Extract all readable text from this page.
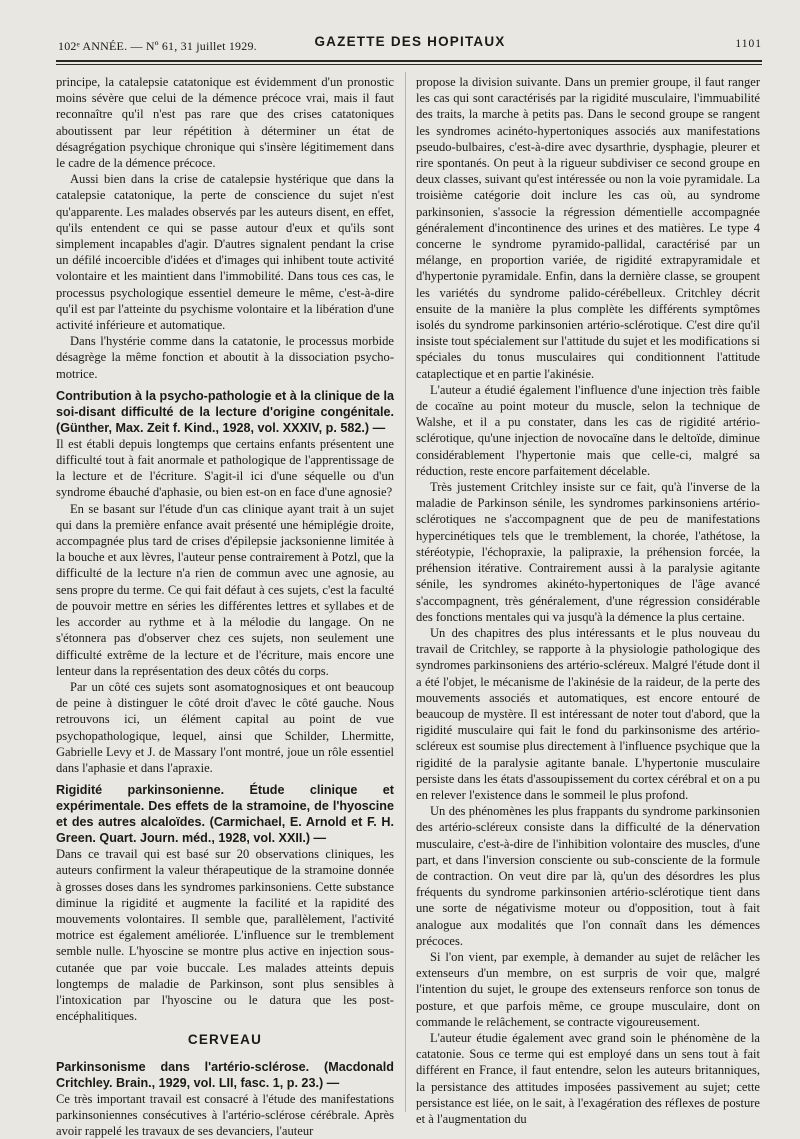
102ᵉ ANNÉE. — Nº 61, 31 juillet 1929.	GAZETTE DES HOPITAUX	1101

principe, la catalepsie catatonique est évidemment d'un pronostic moins sévère que celui de la démence précoce vrai, mais il faut reconnaître qu'il n'est pas rare que des crises catatoniques aboutissent par leur répétition à déterminer un état de désagrégation psychique chronique qui s'insère légitimement dans le cadre de la démence précoce.

Aussi bien dans la crise de catalepsie hystérique que dans la catalepsie catatonique, la perte de conscience du sujet n'est qu'apparente. Les malades observés par les auteurs disent, en effet, qu'ils entendent ce qui se passe autour d'eux et qu'ils sont simplement incapables d'agir. D'autres signalent pendant la crise un défilé incoercible d'idées et d'images qui inhibent toute activité volontaire et les maintient dans l'immobilité. Dans tous ces cas, le processus psychologique essentiel demeure le même, c'est-à-dire qu'il est par l'atteinte du psychisme volontaire et la libération d'une activité inférieure et automatique.

Dans l'hystérie comme dans la catatonie, le processus morbide désagrège la même fonction et aboutit à la dissociation psycho-motrice.

Contribution à la psycho-pathologie et à la clinique de la soi-disant difficulté de la lecture d'origine congénitale. (Günther, Max. Zeit f. Kind., 1928, vol. XXXIV, p. 582.) —

Il est établi depuis longtemps que certains enfants présentent une difficulté tout à fait anormale et pathologique de l'apprentissage de la lecture et de l'écriture. S'agit-il ici d'une séquelle ou d'un syndrome ébauché d'aphasie, ou bien est-on en face d'une agnosie?

En se basant sur l'étude d'un cas clinique ayant trait à un sujet qui dans la première enfance avait présenté une hémiplégie droite, accompagnée plus tard de crises d'épilepsie jacksonienne limitée à la bouche et aux lèvres, l'auteur pense contrairement à Potzl, que la difficulté de la lecture n'a rien de commun avec une agnosie, au sens propre du terme. Ce qui fait défaut à ces sujets, c'est la faculté de pouvoir mettre en séries les différentes lettres et syllabes et de les accorder au rythme et à la mélodie du langage. On ne s'étonnera pas d'observer chez ces sujets, non seulement une difficulté extrême de la lecture et de l'écriture, mais encore une lenteur dans la représentation des deux côtés du corps.

Par un côté ces sujets sont asomatognosiques et ont beaucoup de peine à distinguer le côté droit d'avec le côté gauche. Nous retrouvons ici, un élément capital au point de vue psychopathologique, lequel, ainsi que Schilder, Lhermitte, Gabrielle Levy et J. de Massary l'ont montré, joue un rôle essentiel dans l'aphasie et dans l'apraxie.

Rigidité parkinsonienne. Étude clinique et expérimentale. Des effets de la stramoine, de l'hyoscine et des autres alcaloïdes. (Carmichael, E. Arnold et F. H. Green. Quart. Journ. méd., 1928, vol. XXII.) —

Dans ce travail qui est basé sur 20 observations cliniques, les auteurs confirment la valeur thérapeutique de la stramoine donnée à grosses doses dans les syndromes parkinsoniens. Cette substance diminue la rigidité et augmente la facilité et la rapidité des mouvements volontaires. Il semble que, parallèlement, l'activité motrice est également améliorée. L'influence sur le tremblement semble nulle. L'hyoscine se montre plus active en injection sous-cutanée que par voie buccale. Les malades atteints depuis longtemps de maladie de Parkinson, sont plus sensibles à l'intoxication par l'hyoscine ou le datura que les post-encéphalitiques.

CERVEAU
Parkinsonisme dans l'artério-sclérose. (Macdonald Critchley. Brain., 1929, vol. LII, fasc. 1, p. 23.) —

Ce très important travail est consacré à l'étude des manifestations parkinsoniennes consécutives à l'artério-sclérose cérébrale. Après avoir rappelé les travaux de ses devanciers, l'auteur

propose la division suivante. Dans un premier groupe, il faut ranger les cas qui sont caractérisés par la rigidité musculaire, l'immuabilité des traits, la marche à petits pas. Dans le second groupe se rangent les syndromes acinéto-hypertoniques associés aux manifestations pseudo-bulbaires, c'est-à-dire avec dysarthrie, dysphagie, pleurer et rire spontanés. On peut à la rigueur subdiviser ce second groupe en deux classes, suivant qu'est intéressée ou non la voie pyramidale. La troisième catégorie doit inclure les cas où, au syndrome parkinsonien, s'associe la régression démentielle accompagnée généralement d'incontinence des urines et des matières. Le type 4 concerne le syndrome pyramido-pallidal, caractérisé par un mélange, en proportion variée, de rigidité extrapyramidale et d'hypertonie pyramidale. Enfin, dans la dernière classe, se groupent les variétés du syndrome palido-cérébelleux. Critchley décrit ensuite de la manière la plus complète les différents symptômes isolés du syndrome parkinsonien artério-sclérotique. C'est dire qu'il insiste tout spécialement sur l'attitude du sujet et les modifications si spéciales du tonus musculaires qui conditionnent l'attitude cataplectique et en partie l'akinésie.

L'auteur a étudié également l'influence d'une injection très faible de cocaïne au point moteur du muscle, selon la technique de Walshe, et il a pu constater, dans les cas de rigidité artério-sclérotique, qu'une injection de novocaïne dans le deltoïde, diminue considérablement l'hypertonie mais que celle-ci, malgré sa réduction, reste encore parfaitement décelable.

Très justement Critchley insiste sur ce fait, qu'à l'inverse de la maladie de Parkinson sénile, les syndromes parkinsoniens artério-sclérotiques ne s'accompagnent que de peu de manifestations hypercinétiques tels que le tremblement, la chorée, l'athétose, la stéréotypie, l'échopraxie, la palipraxie, la préhension forcée, la préhension itérative. Contrairement aussi à la paralysie agitante sénile, les syndromes akinéto-hypertoniques de l'âge avancé s'accompagnent, très généralement, d'une régression considérable des fonctions mentales qui va jusqu'à la démence la plus certaine.

Un des chapitres des plus intéressants et le plus nouveau du travail de Critchley, se rapporte à la physiologie pathologique des syndromes parkinsoniens des artério-scléreux. Malgré l'étude dont il a été l'objet, le mécanisme de l'akinésie de la raideur, de la perte des mouvements associés et automatiques, est encore entouré de beaucoup de mystère. Il est intéressant de noter tout d'abord, que la rigidité musculaire qui fait le fond du parkinsonisme des artério-scléreux est soumise plus directement à l'influence psychique que la rigidité de la paralysie agitante banale. L'hypertonie musculaire persiste dans les états d'assoupissement du cortex cérébral et on a pu en relever l'existence dans le sommeil le plus profond.

Un des phénomènes les plus frappants du syndrome parkinsonien des artério-scléreux consiste dans la difficulté de la dénervation musculaire, c'est-à-dire de l'inhibition volontaire des muscles, d'une part, et dans l'inversion consciente ou sub-consciente de la formule de contraction. On veut dire par là, qu'un des désordres les plus fréquents du syndrome parkinsonien artério-sclérotique tient dans une sorte de négativisme moteur ou d'opposition, tout à fait analogue aux modalités que l'on connaît dans les démences précoces.

Si l'on vient, par exemple, à demander au sujet de relâcher les extenseurs d'un membre, on est surpris de voir que, malgré l'intention du sujet, le groupe des extenseurs renforce son tonus de posture, et que parfois même, ce groupe musculaire, dont on commande le relâchement, se contracte vigoureusement.

L'auteur étudie également avec grand soin le phénomène de la catatonie. Sous ce terme qui est employé dans un sens tout à fait différent en France, il faut entendre, selon les auteurs britanniques, la persistance des attitudes imposées passivement au sujet; cette persistance est liée, on le sait, à l'exagération des réflexes de posture et à l'augmentation du
